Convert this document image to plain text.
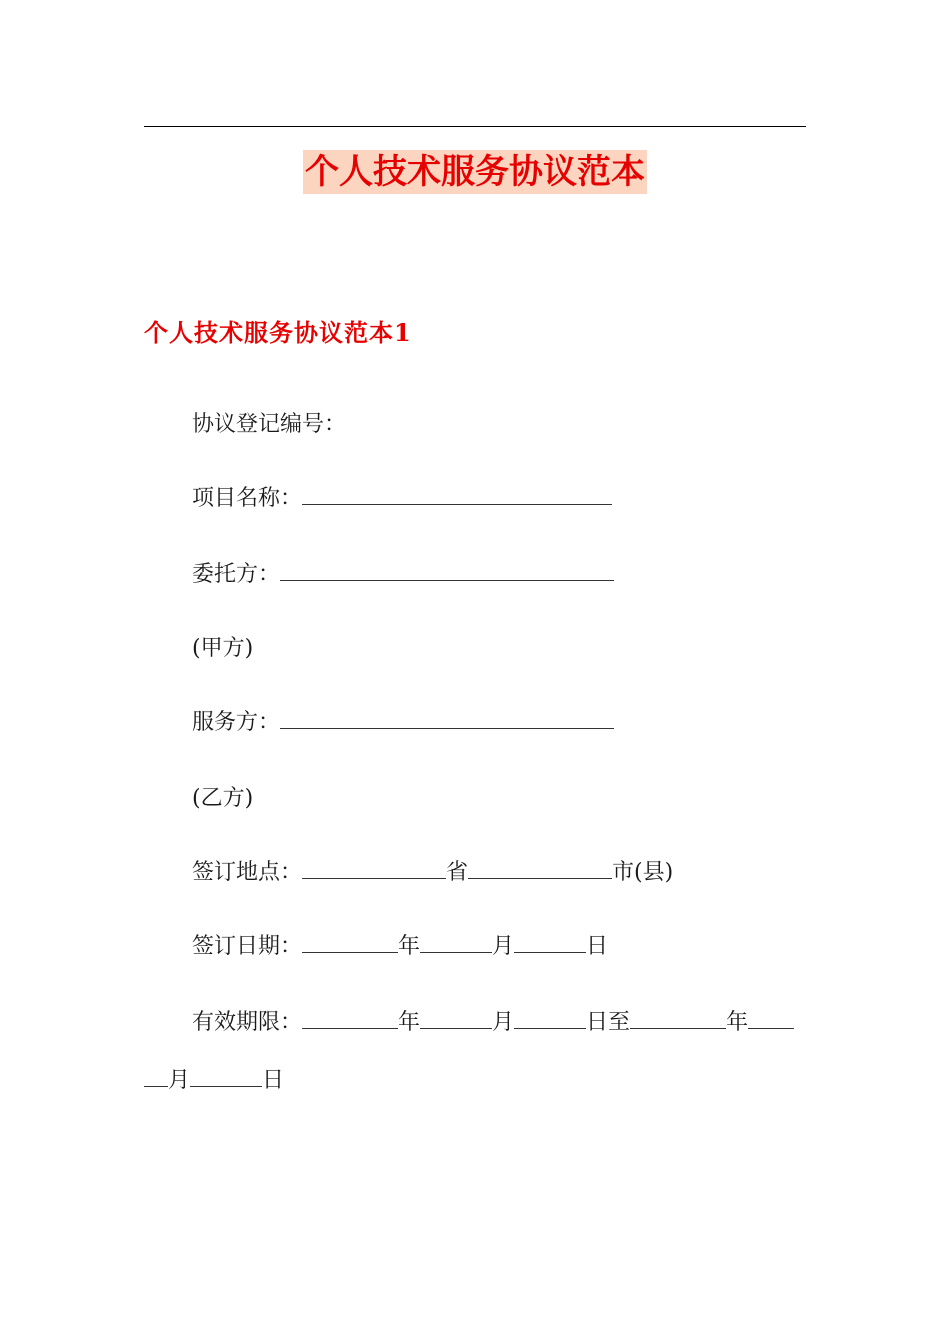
个人技术服务协议范本
个人技术服务协议范本1
协议登记编号：
项目名称：
委托方：
(甲方)
服务方：
(乙方)
签订地点：	省	市(县)
签订日期：	年	月	日
有效期限：	年	月	日至	年
月	日
